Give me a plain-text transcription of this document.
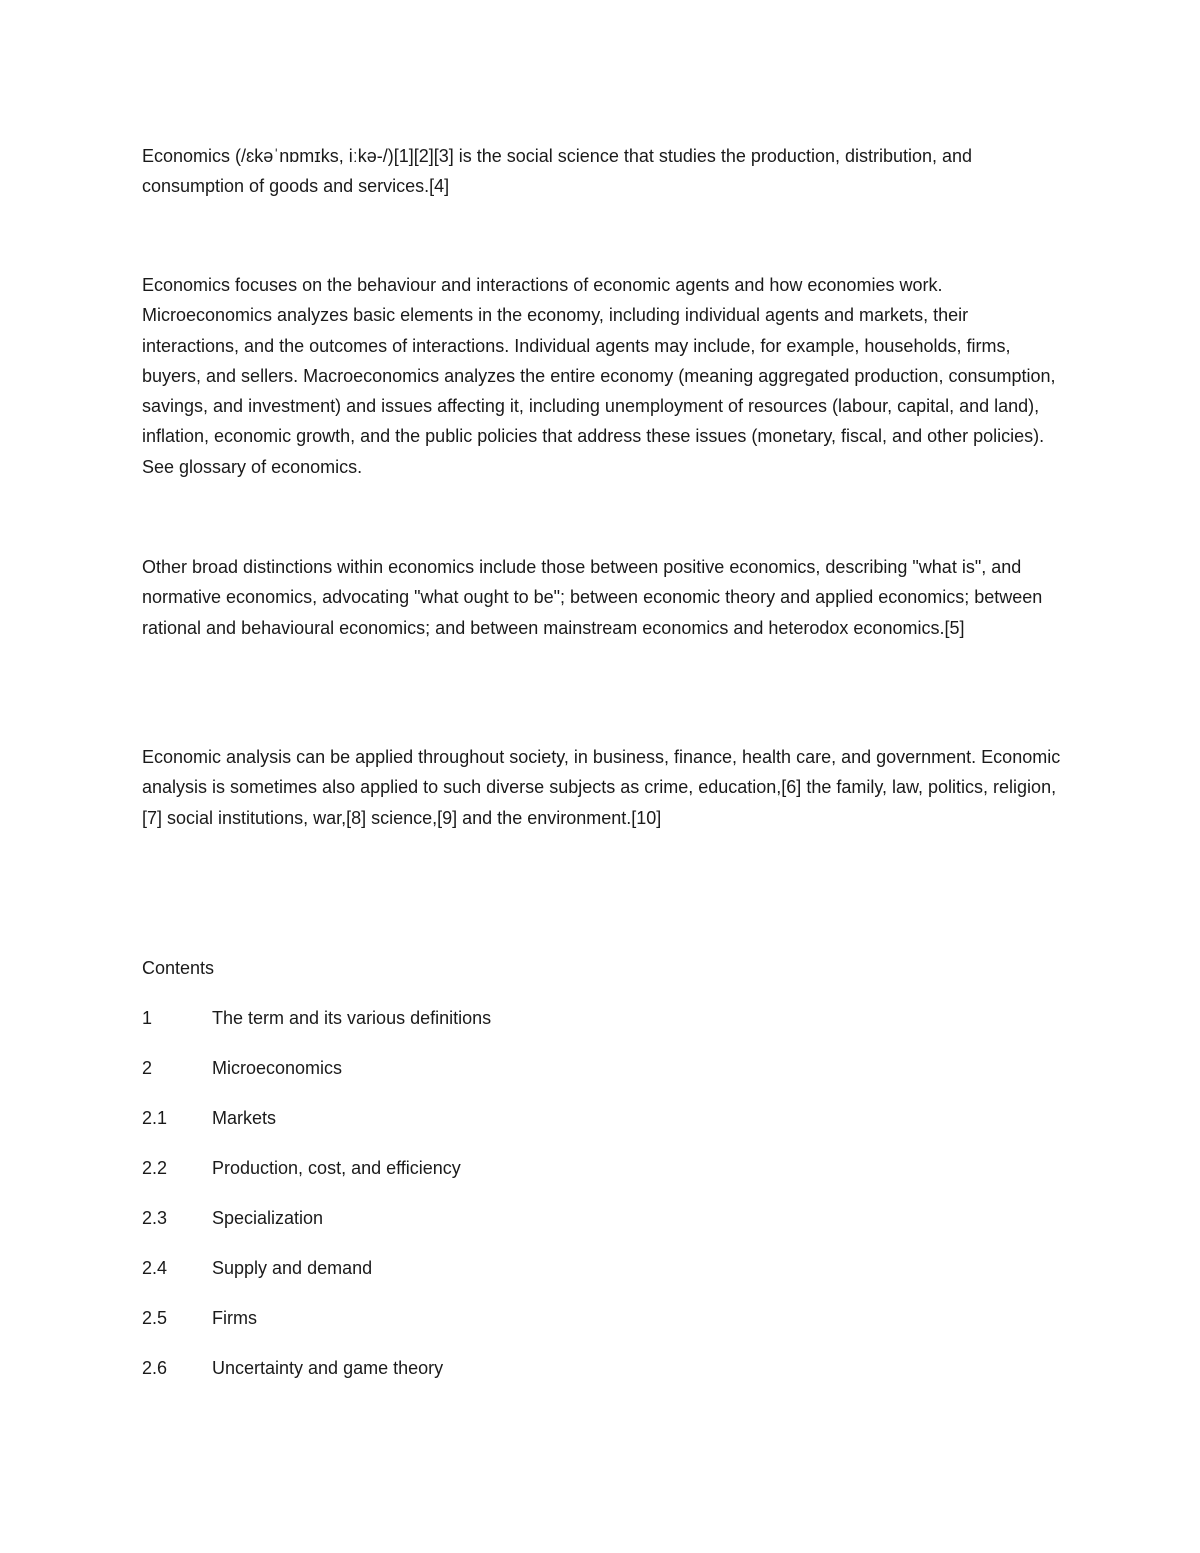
Economics (/ɛkəˈnɒmɪks, iːkə-/)[1][2][3] is the social science that studies the production, distribution, and consumption of goods and services.[4]

Economics focuses on the behaviour and interactions of economic agents and how economies work. Microeconomics analyzes basic elements in the economy, including individual agents and markets, their interactions, and the outcomes of interactions. Individual agents may include, for example, households, firms, buyers, and sellers. Macroeconomics analyzes the entire economy (meaning aggregated production, consumption, savings, and investment) and issues affecting it, including unemployment of resources (labour, capital, and land), inflation, economic growth, and the public policies that address these issues (monetary, fiscal, and other policies). See glossary of economics.

Other broad distinctions within economics include those between positive economics, describing "what is", and normative economics, advocating "what ought to be"; between economic theory and applied economics; between rational and behavioural economics; and between mainstream economics and heterodox economics.[5]

Economic analysis can be applied throughout society, in business, finance, health care, and government. Economic analysis is sometimes also applied to such diverse subjects as crime, education,[6] the family, law, politics, religion,[7] social institutions, war,[8] science,[9] and the environment.[10]

Contents
1	The term and its various definitions
2	Microeconomics
2.1	Markets
2.2	Production, cost, and efficiency
2.3	Specialization
2.4	Supply and demand
2.5	Firms
2.6	Uncertainty and game theory
